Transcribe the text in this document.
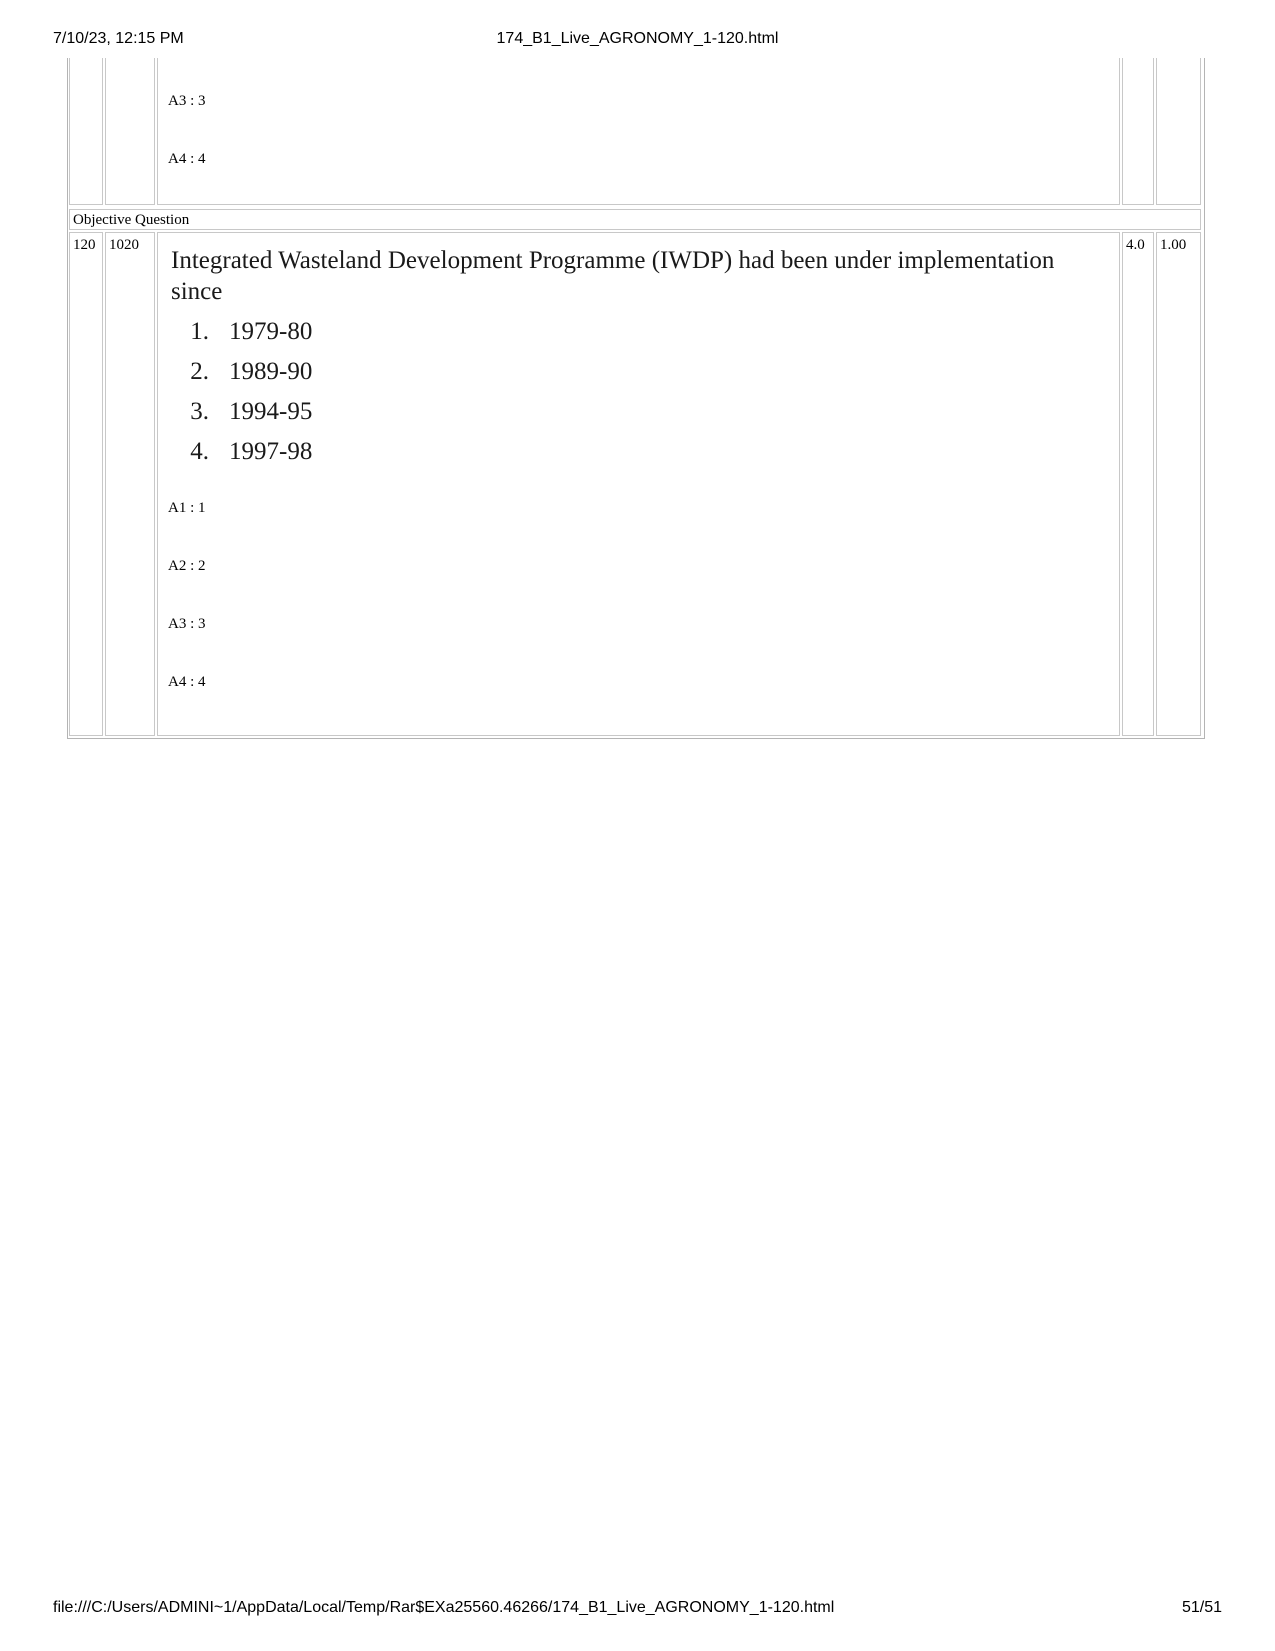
7/10/23, 12:15 PM	174_B1_Live_AGRONOMY_1-120.html
A3 : 3
A4 : 4
Objective Question
120 1020
Integrated Wasteland Development Programme (IWDP) had been under implementation since
1. 1979-80
2. 1989-90
3. 1994-95
4. 1997-98
A1 : 1
A2 : 2
A3 : 3
A4 : 4
4.0 1.00
file:///C:/Users/ADMINI~1/AppData/Local/Temp/Rar$EXa25560.46266/174_B1_Live_AGRONOMY_1-120.html	51/51
